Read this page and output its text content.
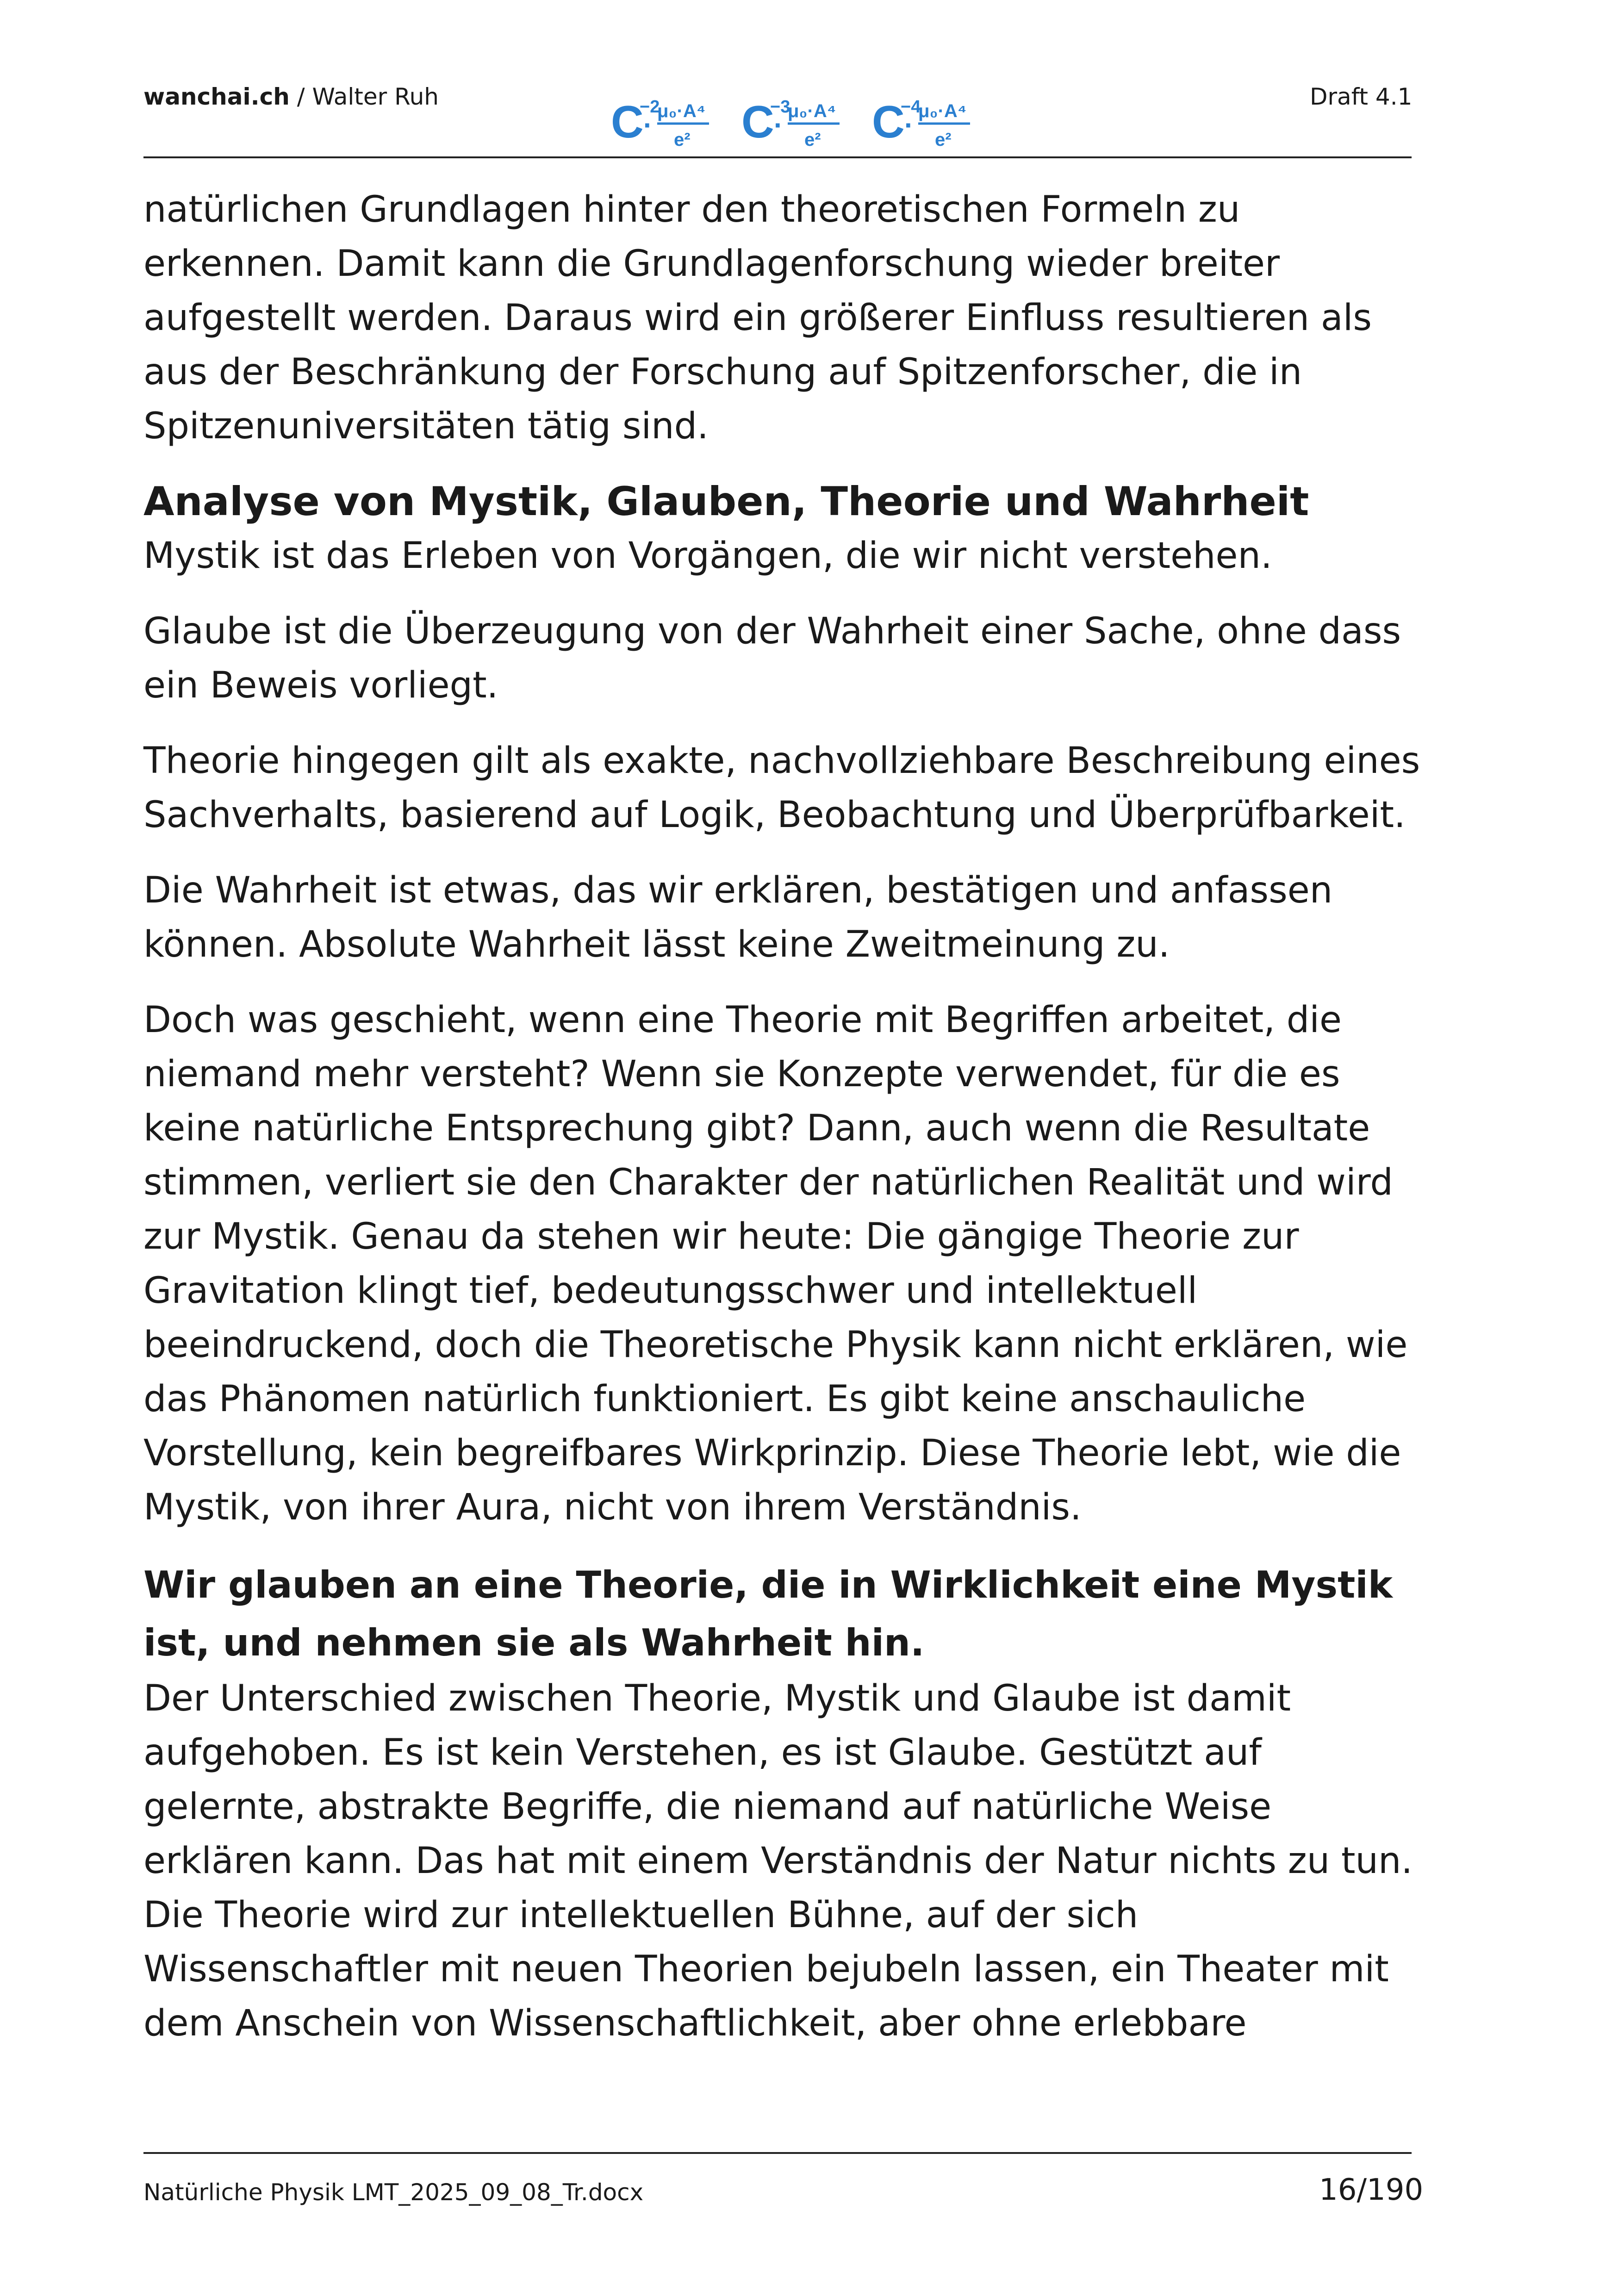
wanchai.ch / Walter Ruh	C
−2
· μ₀·A⁴
e² C
−3
· μ₀·A⁴
e² C
−4
· μ₀·A⁴
e²
Draft 4.1

natürlichen Grundlagen hinter den theoretischen Formeln zu erkennen. Damit kann die Grundlagenforschung wieder breiter aufgestellt werden. Daraus wird ein größerer Einfluss resultieren als aus der Beschränkung der Forschung auf Spitzenforscher, die in Spitzenuniversitäten tätig sind.

Analyse von Mystik, Glauben, Theorie und Wahrheit

Mystik ist das Erleben von Vorgängen, die wir nicht verstehen.

Glaube ist die Überzeugung von der Wahrheit einer Sache, ohne dass ein Beweis vorliegt.

Theorie hingegen gilt als exakte, nachvollziehbare Beschreibung eines Sachverhalts, basierend auf Logik, Beobachtung und Überprüfbarkeit.

Die Wahrheit ist etwas, das wir erklären, bestätigen und anfassen können. Absolute Wahrheit lässt keine Zweitmeinung zu.

Doch was geschieht, wenn eine Theorie mit Begriffen arbeitet, die niemand mehr versteht? Wenn sie Konzepte verwendet, für die es keine natürliche Entsprechung gibt? Dann, auch wenn die Resultate stimmen, verliert sie den Charakter der natürlichen Realität und wird zur Mystik. Genau da stehen wir heute: Die gängige Theorie zur Gravitation klingt tief, bedeutungsschwer und intellektuell beeindruckend, doch die Theoretische Physik kann nicht erklären, wie das Phänomen natürlich funktioniert. Es gibt keine anschauliche Vorstellung, kein begreifbares Wirkprinzip. Diese Theorie lebt, wie die Mystik, von ihrer Aura, nicht von ihrem Verständnis.

Wir glauben an eine Theorie, die in Wirklichkeit eine Mystik ist, und nehmen sie als Wahrheit hin.

Der Unterschied zwischen Theorie, Mystik und Glaube ist damit aufgehoben. Es ist kein Verstehen, es ist Glaube. Gestützt auf gelernte, abstrakte Begriffe, die niemand auf natürliche Weise erklären kann. Das hat mit einem Verständnis der Natur nichts zu tun. Die Theorie wird zur intellektuellen Bühne, auf der sich Wissenschaftler mit neuen Theorien bejubeln lassen, ein Theater mit dem Anschein von Wissenschaftlichkeit, aber ohne erlebbare

Natürliche Physik LMT_2025_09_08_Tr.docx	16/190
